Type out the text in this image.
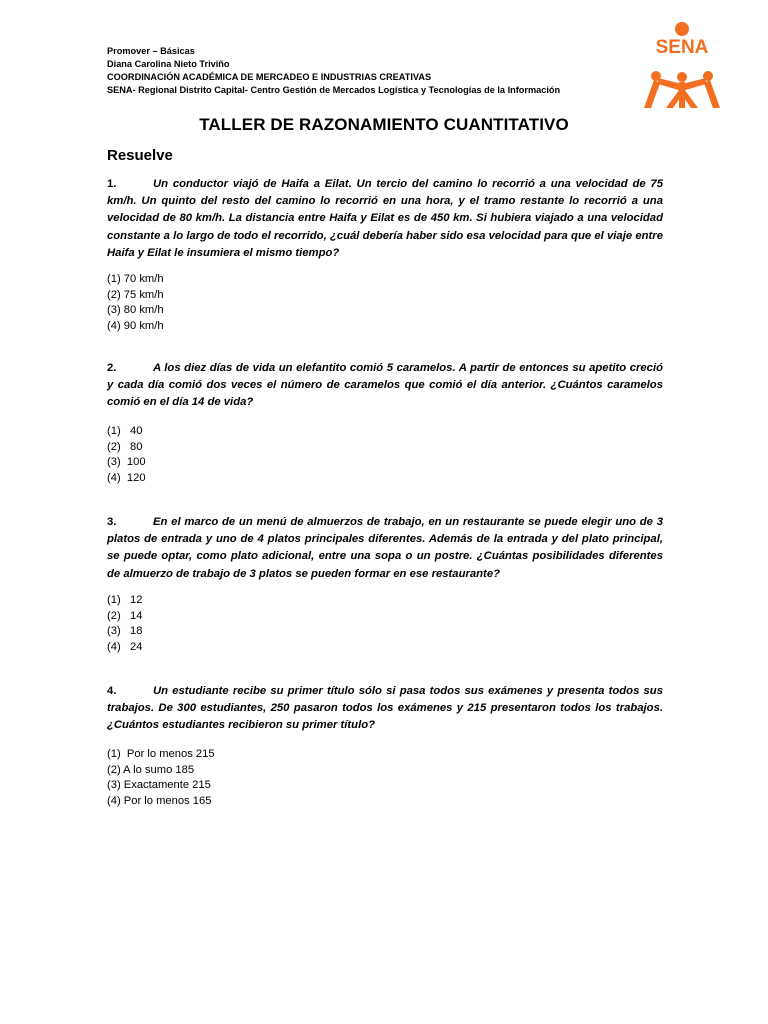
Promover – Básicas
Diana Carolina Nieto Triviño
COORDINACIÓN ACADÉMICA DE MERCADEO E INDUSTRIAS CREATIVAS
SENA- Regional Distrito Capital- Centro Gestión de Mercados Logística y Tecnologías de la Información
SENA
TALLER DE RAZONAMIENTO CUANTITATIVO
Resuelve
1.	Un conductor viajó de Haifa a Eilat. Un tercio del camino lo recorrió a una velocidad de 75 km/h. Un quinto del resto del camino lo recorrió en una hora, y el tramo restante lo recorrió a una velocidad de 80 km/h. La distancia entre Haifa y Eilat es de 450 km. Si hubiera viajado a una velocidad constante a lo largo de todo el recorrido, ¿cuál debería haber sido esa velocidad para que el viaje entre Haifa y Eilat le insumiera el mismo tiempo?
(1) 70 km/h
(2) 75 km/h
(3) 80 km/h
(4) 90 km/h
2.	A los diez días de vida un elefantito comió 5 caramelos. A partir de entonces su apetito creció y cada día comió dos veces el número de caramelos que comió el día anterior. ¿Cuántos caramelos comió en el día 14 de vida?
(1)   40
(2)   80
(3)  100
(4)  120
3.	En el marco de un menú de almuerzos de trabajo, en un restaurante se puede elegir uno de 3 platos de entrada y uno de 4 platos principales diferentes. Además de la entrada y del plato principal, se puede optar, como plato adicional, entre una sopa o un postre. ¿Cuántas posibilidades diferentes de almuerzo de trabajo de 3 platos se pueden formar en ese restaurante?
(1)   12
(2)   14
(3)   18
(4)   24
4.	Un estudiante recibe su primer título sólo si pasa todos sus exámenes y presenta todos sus trabajos. De 300 estudiantes, 250 pasaron todos los exámenes y 215 presentaron todos los trabajos. ¿Cuántos estudiantes recibieron su primer título?
(1)  Por lo menos 215
(2) A lo sumo 185
(3) Exactamente 215
(4) Por lo menos 165
